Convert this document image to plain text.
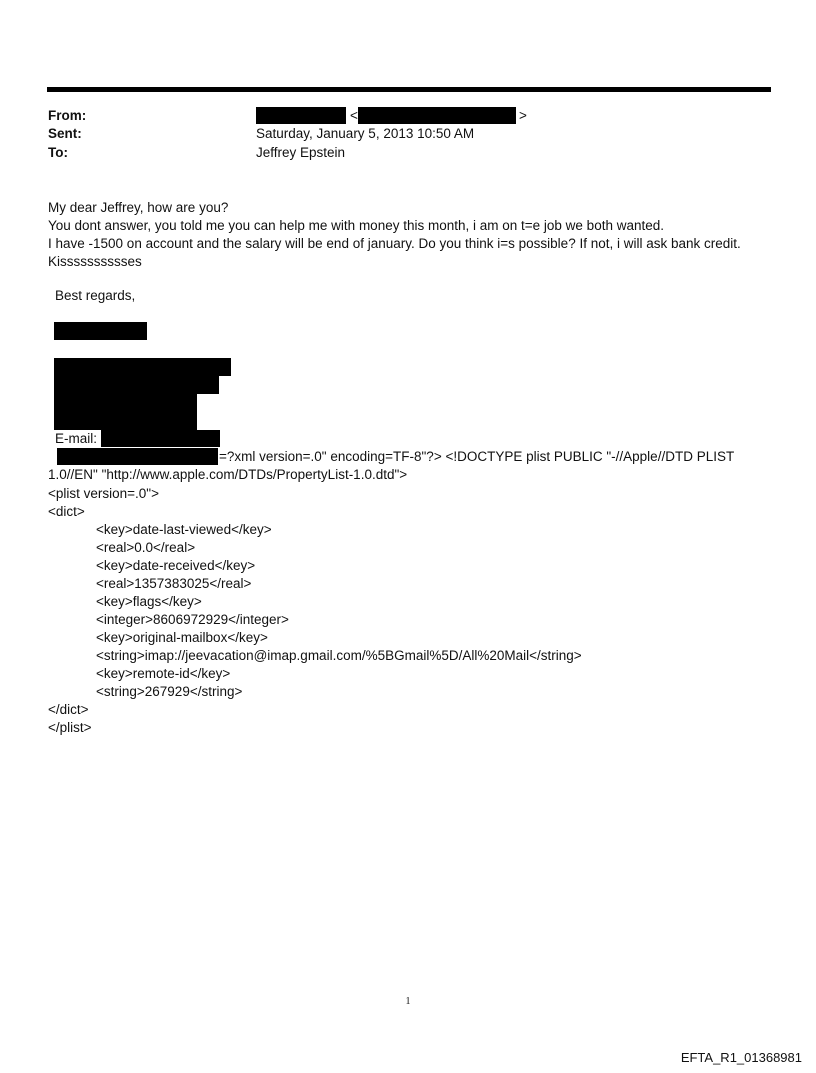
From:	<	>
Sent:	Saturday, January 5, 2013 10:50 AM
To:	Jeffrey Epstein
My dear Jeffrey, how are you?
You dont answer, you told me you can help me with money this month, i am on t=e job we both wanted.
I have -1500 on account and the salary will be end of january. Do you think i=s possible? If not, i will ask bank credit.
Kisssssssssses
Best regards,
E-mail:
=?xml version=.0" encoding=TF-8"?> <!DOCTYPE plist PUBLIC "-//Apple//DTD PLIST
1.0//EN" "http://www.apple.com/DTDs/PropertyList-1.0.dtd">
<plist version=.0">
<dict>
<key>date-last-viewed</key>
<real>0.0</real>
<key>date-received</key>
<real>1357383025</real>
<key>flags</key>
<integer>8606972929</integer>
<key>original-mailbox</key>
<string>imap://jeevacation@imap.gmail.com/%5BGmail%5D/All%20Mail</string>
<key>remote-id</key>
<string>267929</string>
</dict>
</plist>
1
EFTA_R1_01368981
